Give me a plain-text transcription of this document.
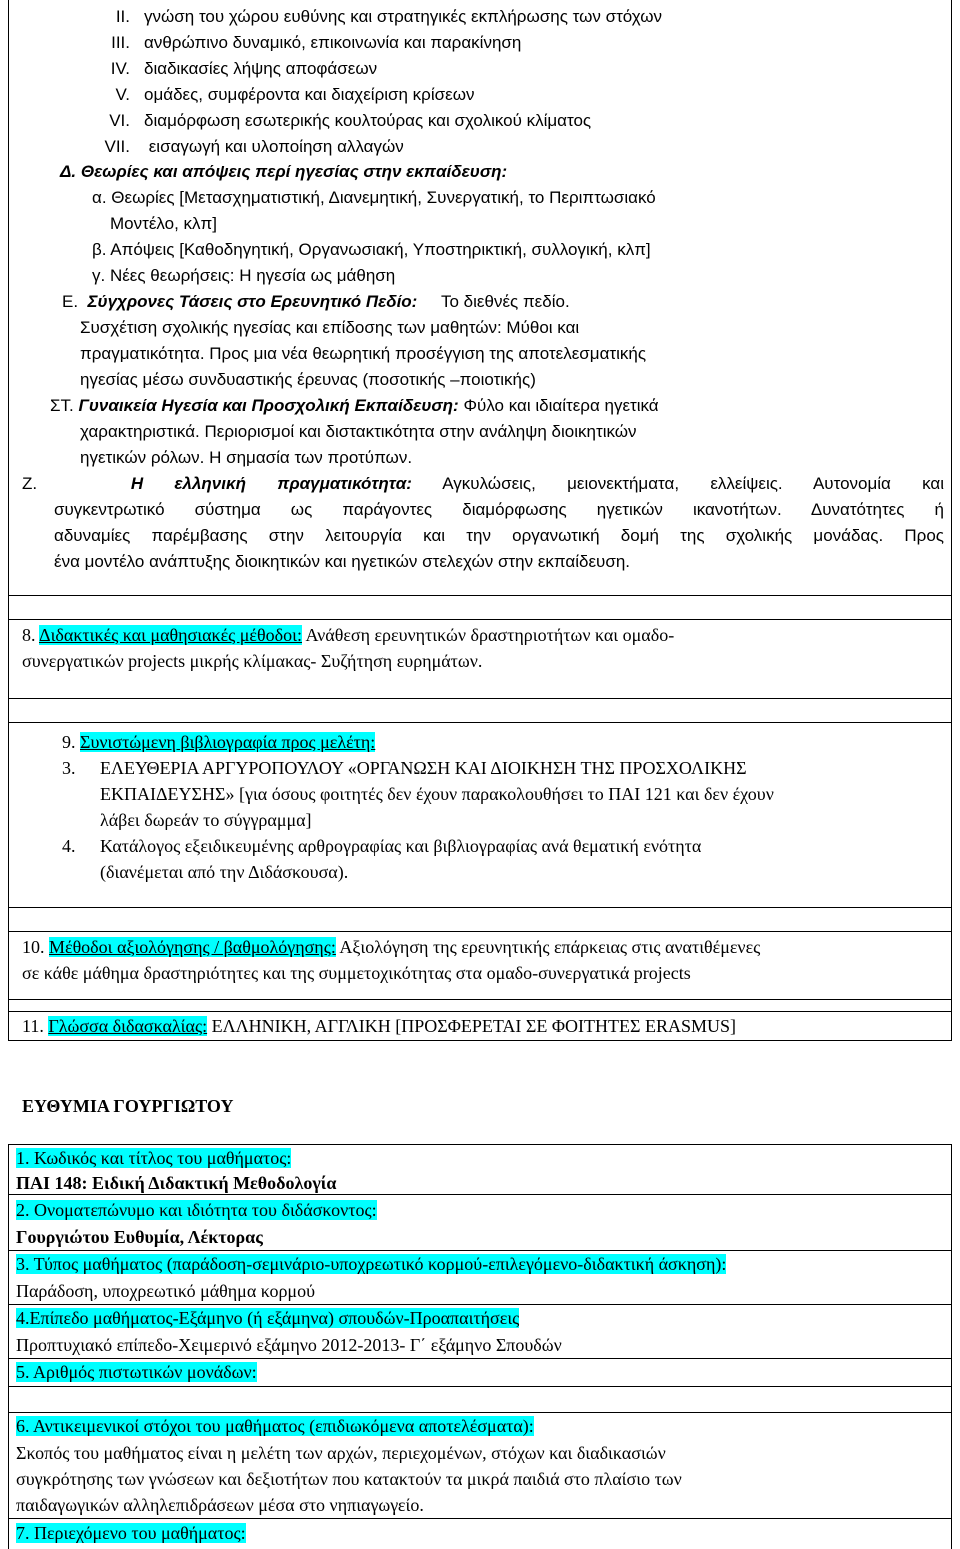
II. γνώση του χώρου ευθύνης και στρατηγικές εκπλήρωσης των στόχων
III. ανθρώπινο δυναμικό, επικοινωνία και παρακίνηση
IV. διαδικασίες λήψης αποφάσεων
V. ομάδες, συμφέροντα και διαχείριση κρίσεων
VI. διαμόρφωση εσωτερικής κουλτούρας και σχολικού κλίματος
VII. εισαγωγή και υλοποίηση αλλαγών
Δ. Θεωρίες και απόψεις περί ηγεσίας στην εκπαίδευση:
α. Θεωρίες [Μετασχηματιστική, Διανεμητική, Συνεργατική, το Περιπτωσιακό
Μοντέλο, κλπ]
β. Απόψεις [Καθοδηγητική, Οργανωσιακή, Υποστηρικτική, συλλογική, κλπ]
γ. Νέες θεωρήσεις: Η ηγεσία ως μάθηση
Ε. Σύγχρονες Τάσεις στο Ερευνητικό Πεδίο: Το διεθνές πεδίο.
Συσχέτιση σχολικής ηγεσίας και επίδοσης των μαθητών: Μύθοι και
πραγματικότητα. Προς μια νέα θεωρητική προσέγγιση της αποτελεσματικής
ηγεσίας μέσω συνδυαστικής έρευνας (ποσοτικής –ποιοτικής)
ΣΤ. Γυναικεία Ηγεσία και Προσχολική Εκπαίδευση: Φύλο και ιδιαίτερα ηγετικά
χαρακτηριστικά. Περιορισμοί και διστακτικότητα στην ανάληψη διοικητικών
ηγετικών ρόλων. Η σημασία των προτύπων.
Ζ.	Η ελληνική πραγματικότητα: Αγκυλώσεις, μειονεκτήματα, ελλείψεις. Αυτονομία και
συγκεντρωτικό σύστημα ως παράγοντες διαμόρφωσης ηγετικών ικανοτήτων. Δυνατότητες ή
αδυναμίες παρέμβασης στην λειτουργία και την οργανωτική δομή της σχολικής μονάδας. Προς
ένα μοντέλο ανάπτυξης διοικητικών και ηγετικών στελεχών στην εκπαίδευση.
8. Διδακτικές και μαθησιακές μέθοδοι: Ανάθεση ερευνητικών δραστηριοτήτων και ομαδο-
συνεργατικών projects μικρής κλίμακας- Συζήτηση ευρημάτων.
9. Συνιστώμενη βιβλιογραφία προς μελέτη:
3. ΕΛΕΥΘΕΡΙΑ ΑΡΓΥΡΟΠΟΥΛΟΥ «ΟΡΓΑΝΩΣΗ ΚΑΙ ΔΙΟΙΚΗΣΗ ΤΗΣ ΠΡΟΣΧΟΛΙΚΗΣ
ΕΚΠΑΙΔΕΥΣΗΣ» [για όσους φοιτητές δεν έχουν παρακολουθήσει το ΠΑΙ 121 και δεν έχουν
λάβει δωρεάν το σύγγραμμα]
4. Κατάλογος εξειδικευμένης αρθρογραφίας και βιβλιογραφίας ανά θεματική ενότητα
(διανέμεται από την Διδάσκουσα).
10. Μέθοδοι αξιολόγησης / βαθμολόγησης: Αξιολόγηση της ερευνητικής επάρκειας στις ανατιθέμενες
σε κάθε μάθημα δραστηριότητες και της συμμετοχικότητας στα ομαδο-συνεργατικά projects
11. Γλώσσα διδασκαλίας: ΕΛΛΗΝΙΚΗ, ΑΓΓΛΙΚΗ [ΠΡΟΣΦΕΡΕΤΑΙ ΣΕ ΦΟΙΤΗΤΕΣ ERASMUS]
ΕΥΘΥΜΙΑ ΓΟΥΡΓΙΩΤΟΥ
1. Κωδικός και τίτλος του μαθήματος:
ΠΑΙ 148: Ειδική Διδακτική Μεθοδολογία
2. Ονοματεπώνυμο και ιδιότητα του διδάσκοντος:
Γουργιώτου Ευθυμία, Λέκτορας
3. Τύπος μαθήματος (παράδοση-σεμινάριο-υποχρεωτικό κορμού-επιλεγόμενο-διδακτική άσκηση):
Παράδοση, υποχρεωτικό μάθημα κορμού
4.Επίπεδο μαθήματος-Εξάμηνο (ή εξάμηνα) σπουδών-Προαπαιτήσεις
Προπτυχιακό επίπεδο-Χειμερινό εξάμηνο 2012-2013- Γ΄ εξάμηνο Σπουδών
5. Αριθμός πιστωτικών μονάδων:
6. Αντικειμενικοί στόχοι του μαθήματος (επιδιωκόμενα αποτελέσματα):
Σκοπός του μαθήματος είναι η μελέτη των αρχών, περιεχομένων, στόχων και διαδικασιών
συγκρότησης των γνώσεων και δεξιοτήτων που κατακτούν τα μικρά παιδιά στο πλαίσιο των
παιδαγωγικών αλληλεπιδράσεων μέσα στο νηπιαγωγείο.
7. Περιεχόμενο του μαθήματος:
